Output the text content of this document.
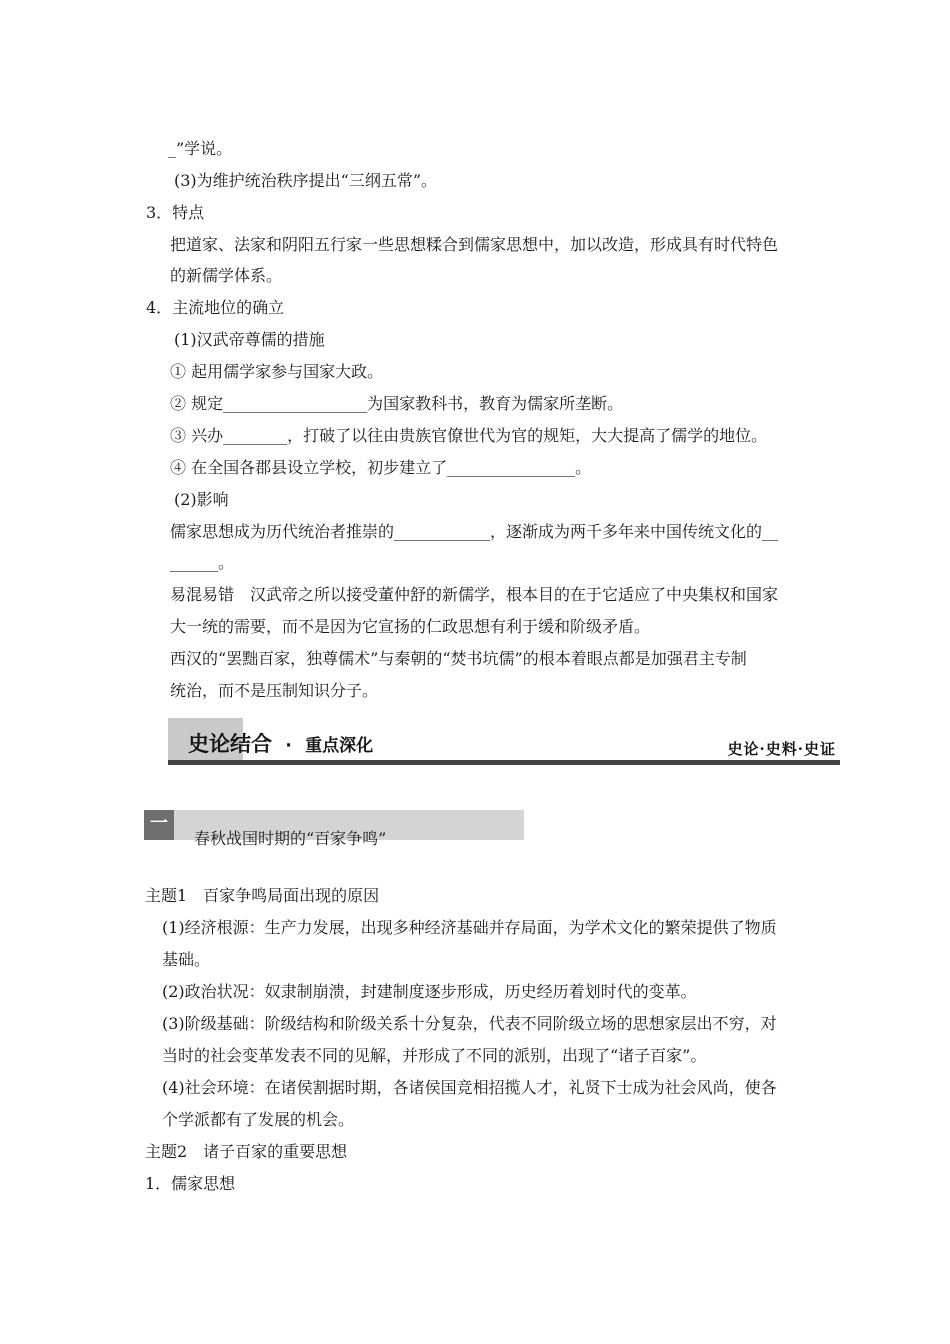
_”学说。
(3)为维护统治秩序提出“三纲五常”。
3．特点
把道家、法家和阴阳五行家一些思想糅合到儒家思想中，加以改造，形成具有时代特色
的新儒学体系。
4．主流地位的确立
(1)汉武帝尊儒的措施
① 起用儒学家参与国家大政。
② 规定__________________为国家教科书，教育为儒家所垄断。
③ 兴办________，打破了以往由贵族官僚世代为官的规矩，大大提高了儒学的地位。
④ 在全国各郡县设立学校，初步建立了________________。
(2)影响
儒家思想成为历代统治者推崇的____________，逐渐成为两千多年来中国传统文化的__
______。
易混易错　汉武帝之所以接受董仲舒的新儒学，根本目的在于它适应了中央集权和国家
大一统的需要，而不是因为它宣扬的仁政思想有利于缓和阶级矛盾。
西汉的“罢黜百家，独尊儒术”与秦朝的“焚书坑儒”的根本着眼点都是加强君主专制
统治，而不是压制知识分子。
史论结合 · 重点深化	史论·史料·史证
一
春秋战国时期的“百家争鸣”
主题1　百家争鸣局面出现的原因
(1)经济根源：生产力发展，出现多种经济基础并存局面，为学术文化的繁荣提供了物质
基础。
(2)政治状况：奴隶制崩溃，封建制度逐步形成，历史经历着划时代的变革。
(3)阶级基础：阶级结构和阶级关系十分复杂，代表不同阶级立场的思想家层出不穷，对
当时的社会变革发表不同的见解，并形成了不同的派别，出现了“诸子百家”。
(4)社会环境：在诸侯割据时期，各诸侯国竞相招揽人才，礼贤下士成为社会风尚，使各
个学派都有了发展的机会。
主题2　诸子百家的重要思想
1．儒家思想
